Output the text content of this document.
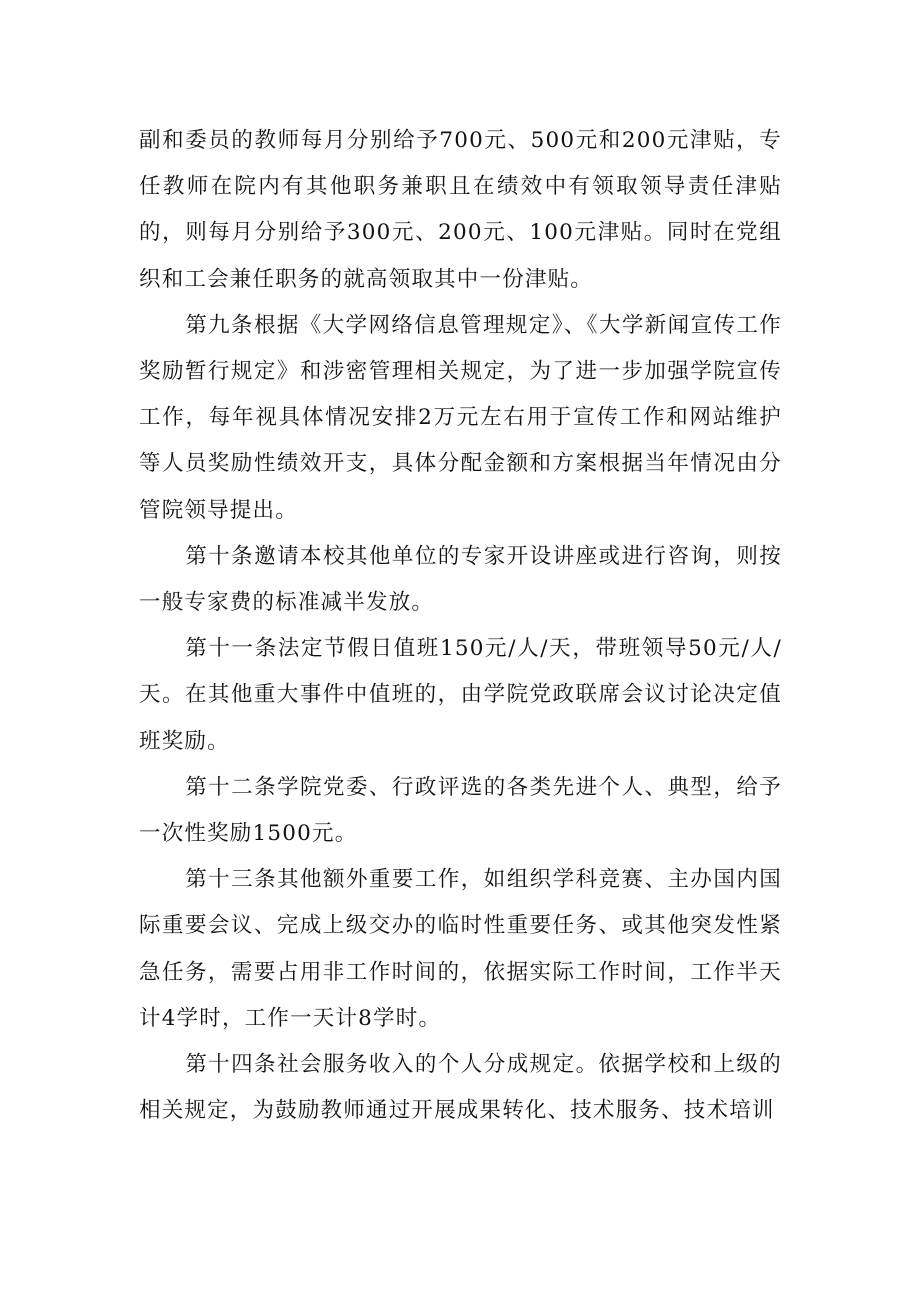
副和委员的教师每月分别给予700元、500元和200元津贴，专任教师在院内有其他职务兼职且在绩效中有领取领导责任津贴的，则每月分别给予300元、200元、100元津贴。同时在党组织和工会兼任职务的就高领取其中一份津贴。

第九条根据《大学网络信息管理规定》、《大学新闻宣传工作奖励暂行规定》和涉密管理相关规定，为了进一步加强学院宣传工作，每年视具体情况安排2万元左右用于宣传工作和网站维护等人员奖励性绩效开支，具体分配金额和方案根据当年情况由分管院领导提出。

第十条邀请本校其他单位的专家开设讲座或进行咨询，则按一般专家费的标准减半发放。

第十一条法定节假日值班150元/人/天，带班领导50元/人/天。在其他重大事件中值班的，由学院党政联席会议讨论决定值班奖励。

第十二条学院党委、行政评选的各类先进个人、典型，给予一次性奖励1500元。

第十三条其他额外重要工作，如组织学科竞赛、主办国内国际重要会议、完成上级交办的临时性重要任务、或其他突发性紧急任务，需要占用非工作时间的，依据实际工作时间，工作半天计4学时，工作一天计8学时。

第十四条社会服务收入的个人分成规定。依据学校和上级的相关规定，为鼓励教师通过开展成果转化、技术服务、技术培训
